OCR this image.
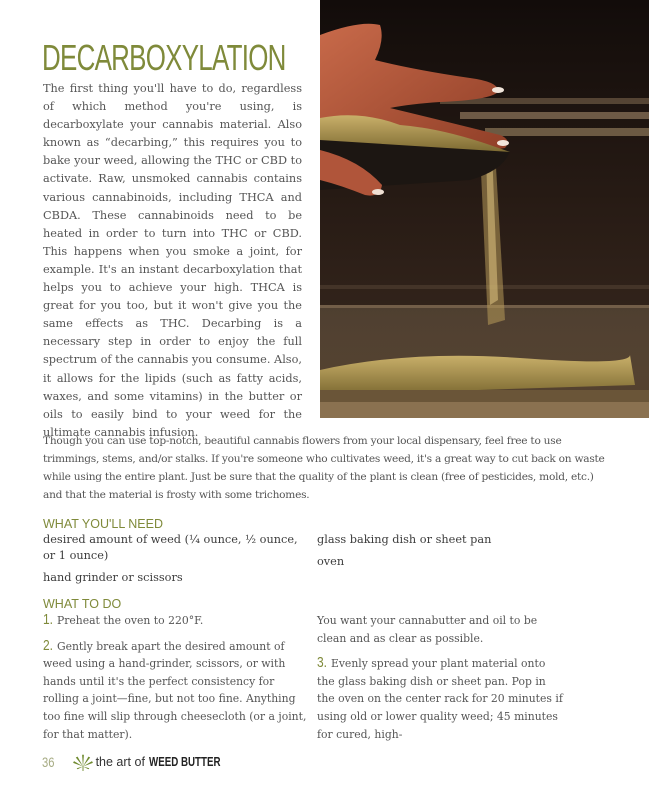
DECARBOXYLATION

The first thing you'll have to do, regardless of which method you're using, is decarboxylate your cannabis material. Also known as “decarbing,” this requires you to bake your weed, allowing the THC or CBD to activate. Raw, unsmoked cannabis contains various cannabinoids, including THCA and CBDA. These cannabinoids need to be heated in order to turn into THC or CBD. This happens when you smoke a joint, for example. It's an instant decarboxylation that helps you to achieve your high. THCA is great for you too, but it won't give you the same effects as THC. Decarbing is a necessary step in order to enjoy the full spectrum of the cannabis you consume. Also, it allows for the lipids (such as fatty acids, waxes, and some vitamins) in the butter or oils to easily bind to your weed for the ultimate cannabis infusion.

Though you can use top-notch, beautiful cannabis flowers from your local dispensary, feel free to use trimmings, stems, and/or stalks. If you're someone who cultivates weed, it's a great way to cut back on waste while using the entire plant. Just be sure that the quality of the plant is clean (free of pesticides, mold, etc.) and that the material is frosty with some trichomes.

WHAT YOU'LL NEED
desired amount of weed (¼ ounce, ½ ounce, or 1 ounce)
hand grinder or scissors
glass baking dish or sheet pan
oven
WHAT TO DO
1. Preheat the oven to 220°F.
2. Gently break apart the desired amount of weed using a hand-grinder, scissors, or with hands until it's the perfect consistency for rolling a joint—fine, but not too fine. Anything too fine will slip through cheesecloth (or a joint, for that matter).
You want your cannabutter and oil to be clean and as clear as possible.
3. Evenly spread your plant material onto the glass baking dish or sheet pan. Pop in the oven on the center rack for 20 minutes if using old or lower quality weed; 45 minutes for cured, high-
36	the art of WEED BUTTER
